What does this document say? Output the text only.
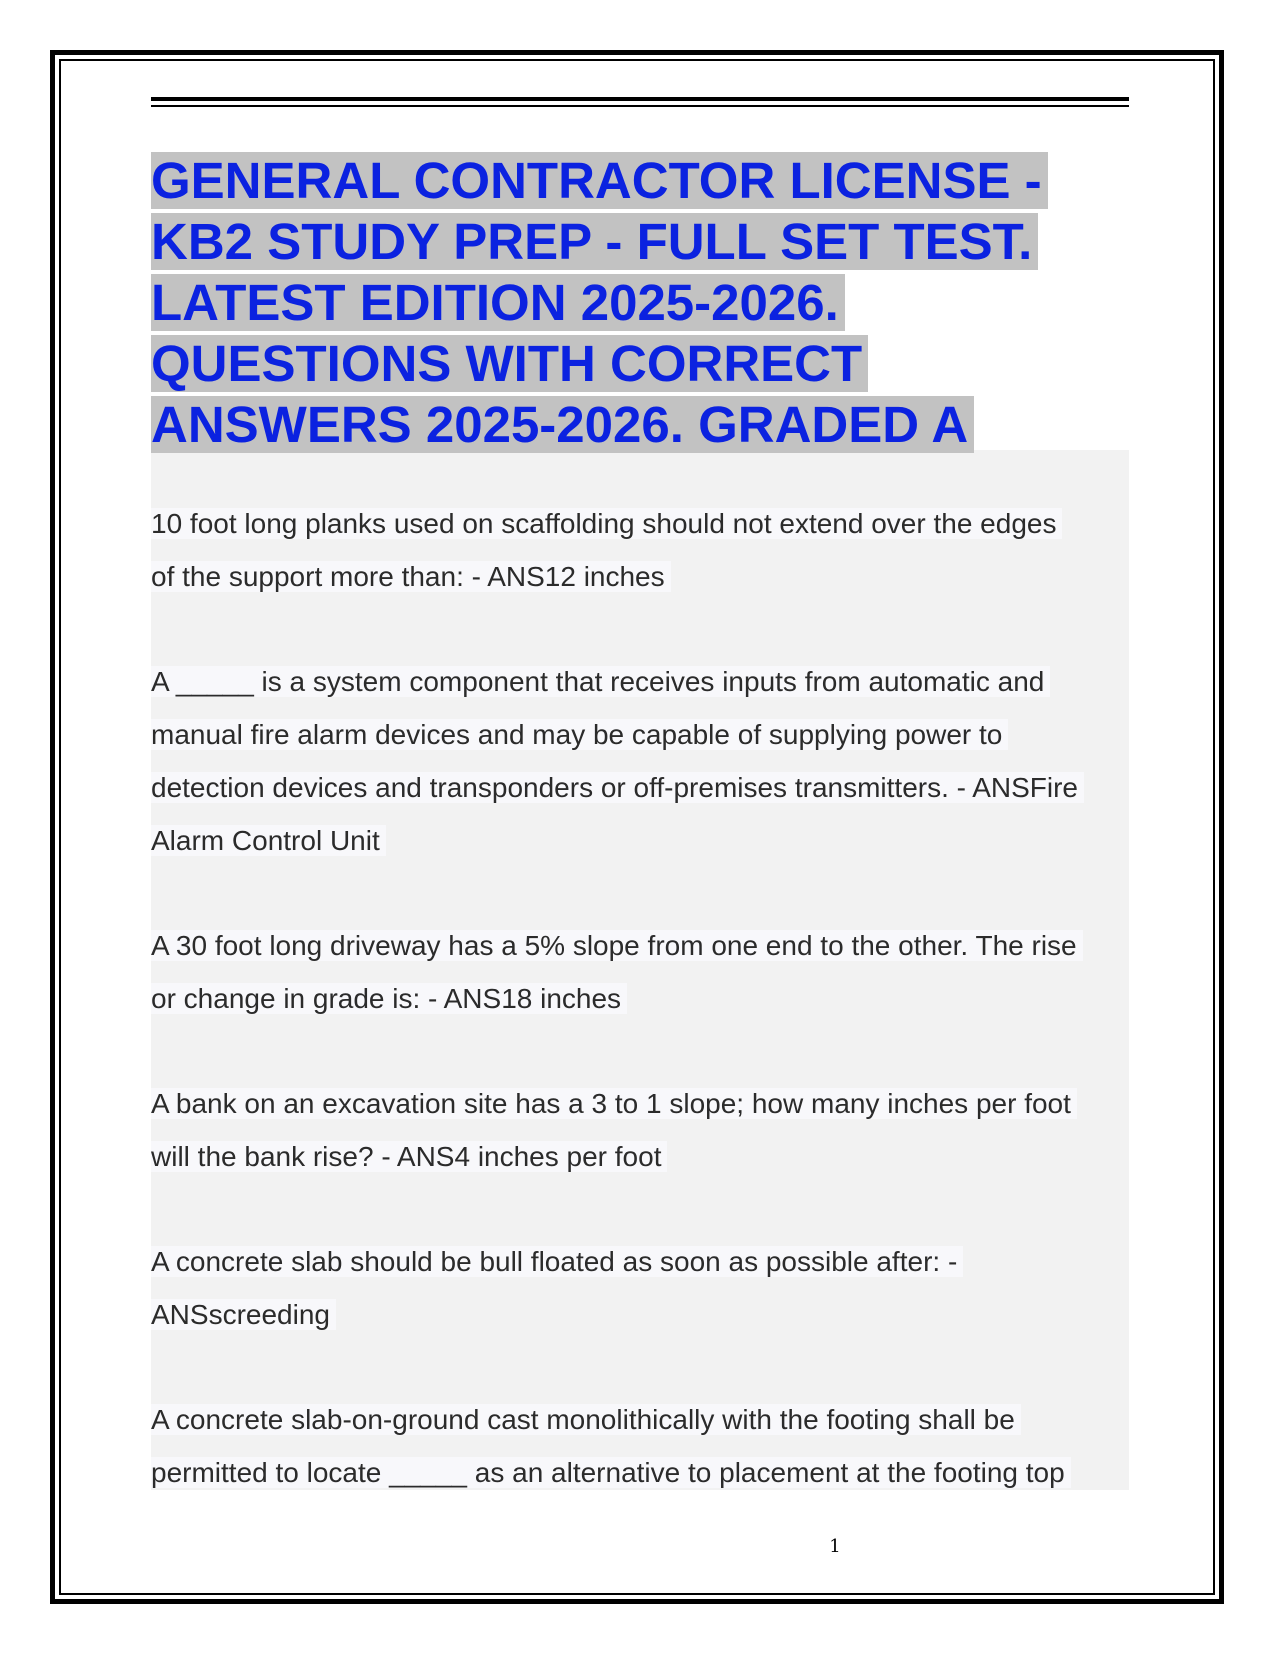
GENERAL CONTRACTOR LICENSE -
KB2 STUDY PREP - FULL SET TEST.
LATEST EDITION 2025-2026.
QUESTIONS WITH CORRECT
ANSWERS 2025-2026. GRADED A

10 foot long planks used on scaffolding should not extend over the edges
of the support more than: - ANS12 inches

A _____ is a system component that receives inputs from automatic and
manual fire alarm devices and may be capable of supplying power to
detection devices and transponders or off-premises transmitters. - ANSFire
Alarm Control Unit

A 30 foot long driveway has a 5% slope from one end to the other. The rise
or change in grade is: - ANS18 inches

A bank on an excavation site has a 3 to 1 slope; how many inches per foot
will the bank rise? - ANS4 inches per foot

A concrete slab should be bull floated as soon as possible after: -
ANSscreeding

A concrete slab-on-ground cast monolithically with the footing shall be
permitted to locate _____ as an alternative to placement at the footing top

1
